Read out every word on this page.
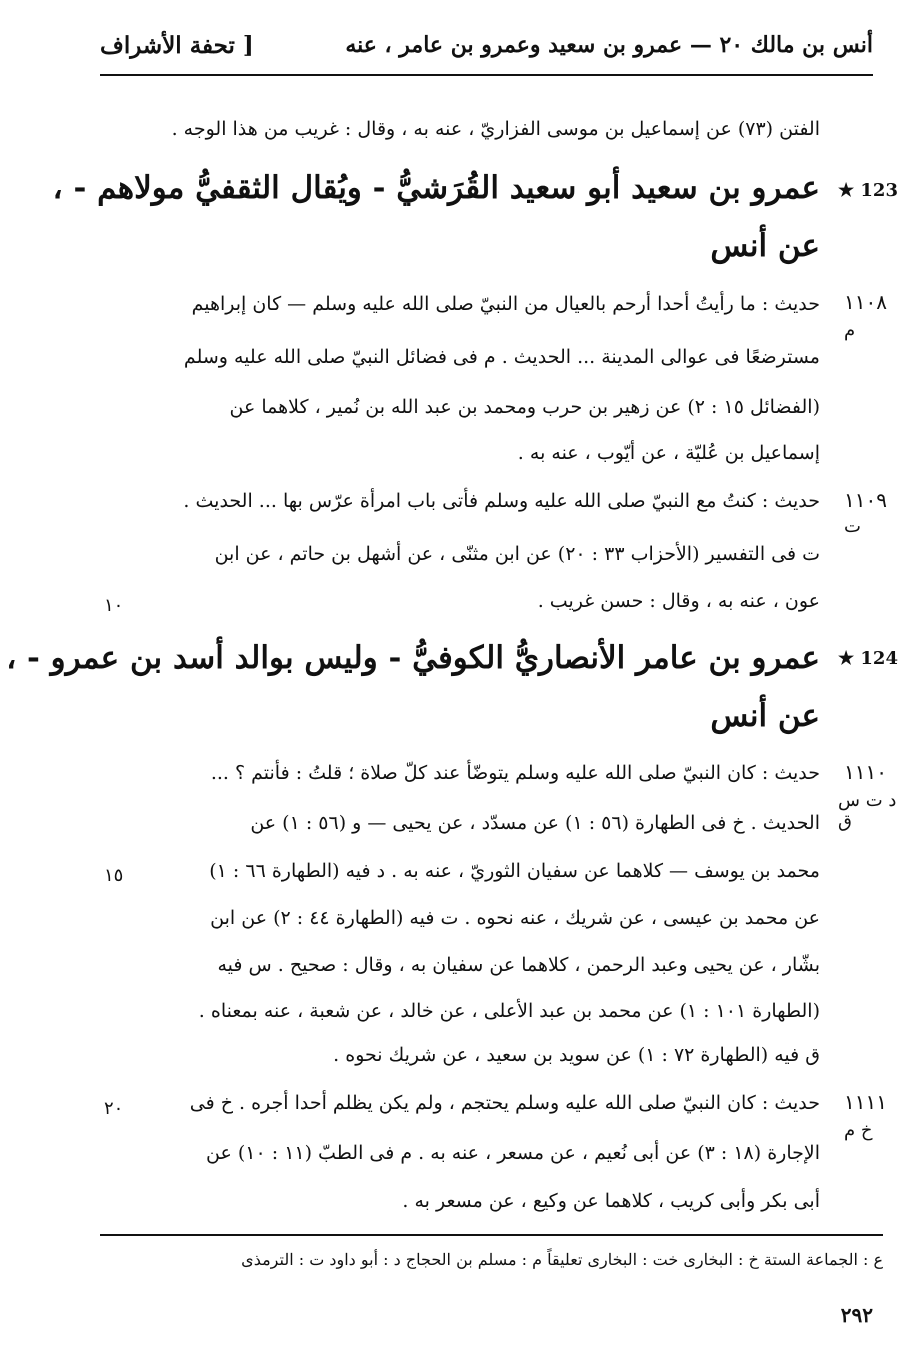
أنس بن مالك ٢٠ — عمرو بن سعيد وعمرو بن عامر ، عنه
[ تحفة الأشراف
الفتن (٧٣) عن إسماعيل بن موسى الفزاريّ ، عنه به ، وقال : غريب من هذا الوجه .
★ 123
عمرو بن سعيد أبو سعيد القُرَشيُّ - ويُقال الثقفيُّ مولاهم - ،
عن أنس
١١٠٨
م
حديث : ما رأيتُ أحدا أرحم بالعيال من النبيّ صلى الله عليه وسلم — كان إبراهيم
مسترضعًا فى عوالى المدينة ... الحديث . م فى فضائل النبيّ صلى الله عليه وسلم
(الفضائل ١٥ : ٢) عن زهير بن حرب ومحمد بن عبد الله بن نُمير ، كلاهما عن
إسماعيل بن عُليّة ، عن أيّوب ، عنه به .
١١٠٩
ت
حديث : كنتُ مع النبيّ صلى الله عليه وسلم فأتى باب امرأة عرّس بها ... الحديث .
ت فى التفسير (الأحزاب ٣٣ : ٢٠) عن ابن مثنّى ، عن أشهل بن حاتم ، عن ابن
عون ، عنه به ، وقال : حسن غريب .
١٠
★ 124
عمرو بن عامر الأنصاريُّ الكوفيُّ - وليس بوالد أسد بن عمرو - ،
عن أنس
١١١٠
د ت س ق
حديث : كان النبيّ صلى الله عليه وسلم يتوضّأ عند كلّ صلاة ؛ قلتُ : فأنتم ؟ ...
الحديث . خ فى الطهارة (٥٦ : ١) عن مسدّد ، عن يحيى — و (٥٦ : ١) عن
محمد بن يوسف — كلاهما عن سفيان الثوريّ ، عنه به . د فيه (الطهارة ٦٦ : ١)
١٥
عن محمد بن عيسى ، عن شريك ، عنه نحوه . ت فيه (الطهارة ٤٤ : ٢) عن ابن
بشّار ، عن يحيى وعبد الرحمن ، كلاهما عن سفيان به ، وقال : صحيح . س فيه
(الطهارة ١٠١ : ١) عن محمد بن عبد الأعلى ، عن خالد ، عن شعبة ، عنه بمعناه .
ق فيه (الطهارة ٧٢ : ١) عن سويد بن سعيد ، عن شريك نحوه .
١١١١
خ م
حديث : كان النبيّ صلى الله عليه وسلم يحتجم ، ولم يكن يظلم أحدا أجره . خ فى
٢٠
الإجارة (١٨ : ٣) عن أبى نُعيم ، عن مسعر ، عنه به . م فى الطبّ (١١ : ١٠) عن
أبى بكر وأبى كريب ، كلاهما عن وكيع ، عن مسعر به .
ع : الجماعة الستة خ : البخارى خت : البخارى تعليقاً م : مسلم بن الحجاج د : أبو داود ت : الترمذى
٢٩٢
